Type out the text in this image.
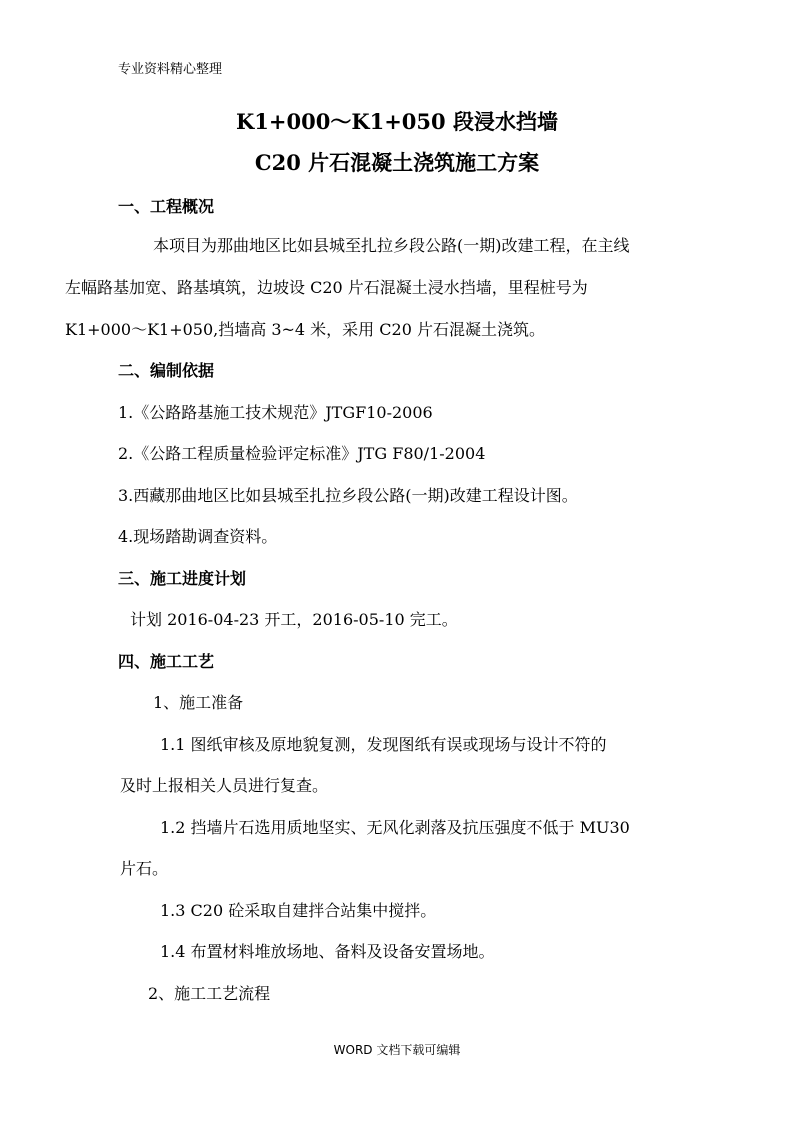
专业资料精心整理
K1+000～K1+050 段浸水挡墙
C20 片石混凝土浇筑施工方案
一、工程概况
本项目为那曲地区比如县城至扎拉乡段公路(一期)改建工程，在主线
左幅路基加宽、路基填筑，边坡设 C20 片石混凝土浸水挡墙，里程桩号为
K1+000～K1+050,挡墙高 3~4 米，采用 C20 片石混凝土浇筑。
二、编制依据
1.《公路路基施工技术规范》JTGF10-2006
2.《公路工程质量检验评定标准》JTG F80/1-2004
3.西藏那曲地区比如县城至扎拉乡段公路(一期)改建工程设计图。
4.现场踏勘调查资料。
三、施工进度计划
计划 2016-04-23 开工，2016-05-10 完工。
四、施工工艺
1、施工准备
1.1 图纸审核及原地貌复测，发现图纸有误或现场与设计不符的
及时上报相关人员进行复查。
1.2 挡墙片石选用质地坚实、无风化剥落及抗压强度不低于 MU30
片石。
1.3 C20 砼采取自建拌合站集中搅拌。
1.4 布置材料堆放场地、备料及设备安置场地。
2、施工工艺流程
WORD 文档下载可编辑
